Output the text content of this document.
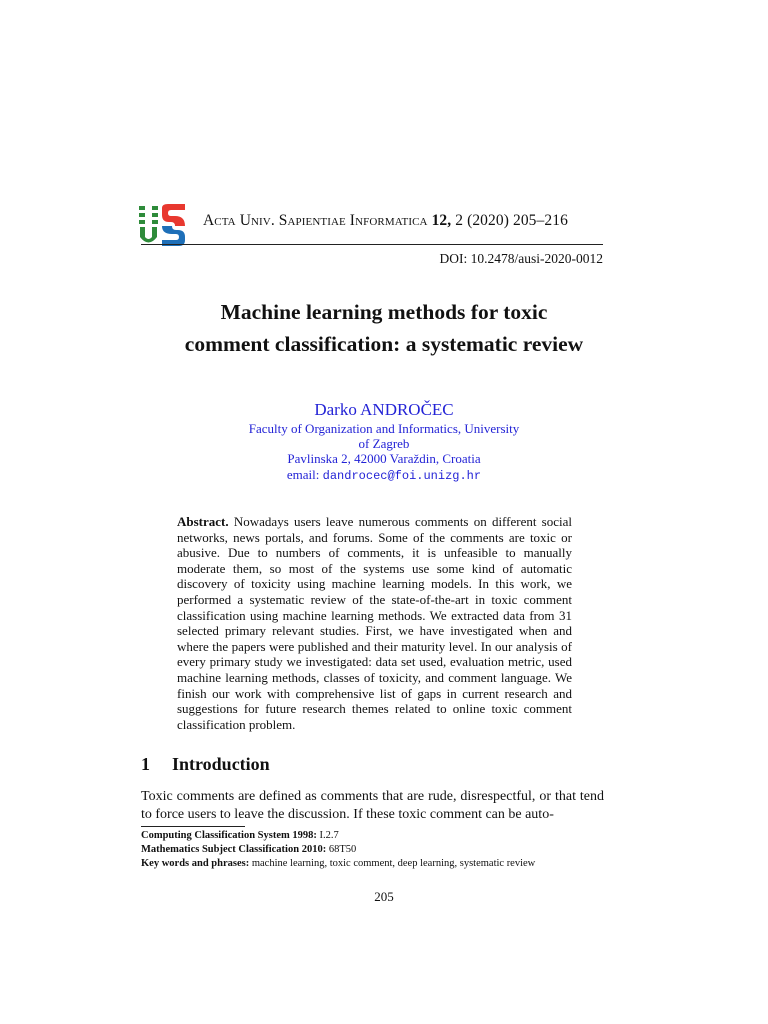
Acta Univ. Sapientiae Informatica 12, 2 (2020) 205–216
DOI: 10.2478/ausi-2020-0012
Machine learning methods for toxic
comment classification: a systematic review
Darko ANDROČEC
Faculty of Organization and Informatics, University
of Zagreb
Pavlinska 2, 42000 Varaždin, Croatia
email: dandrocec@foi.unizg.hr
Abstract. Nowadays users leave numerous comments on different social networks, news portals, and forums. Some of the comments are toxic or abusive. Due to numbers of comments, it is unfeasible to manually moderate them, so most of the systems use some kind of automatic discovery of toxicity using machine learning models. In this work, we performed a systematic review of the state-of-the-art in toxic comment classification using machine learning methods. We extracted data from 31 selected primary relevant studies. First, we have investigated when and where the papers were published and their maturity level. In our analysis of every primary study we investigated: data set used, evaluation metric, used machine learning methods, classes of toxicity, and comment language. We finish our work with comprehensive list of gaps in current research and suggestions for future research themes related to online toxic comment classification problem.
1 Introduction
Toxic comments are defined as comments that are rude, disrespectful, or that tend to force users to leave the discussion. If these toxic comment can be auto-
Computing Classification System 1998: I.2.7
Mathematics Subject Classification 2010: 68T50
Key words and phrases: machine learning, toxic comment, deep learning, systematic review
205
